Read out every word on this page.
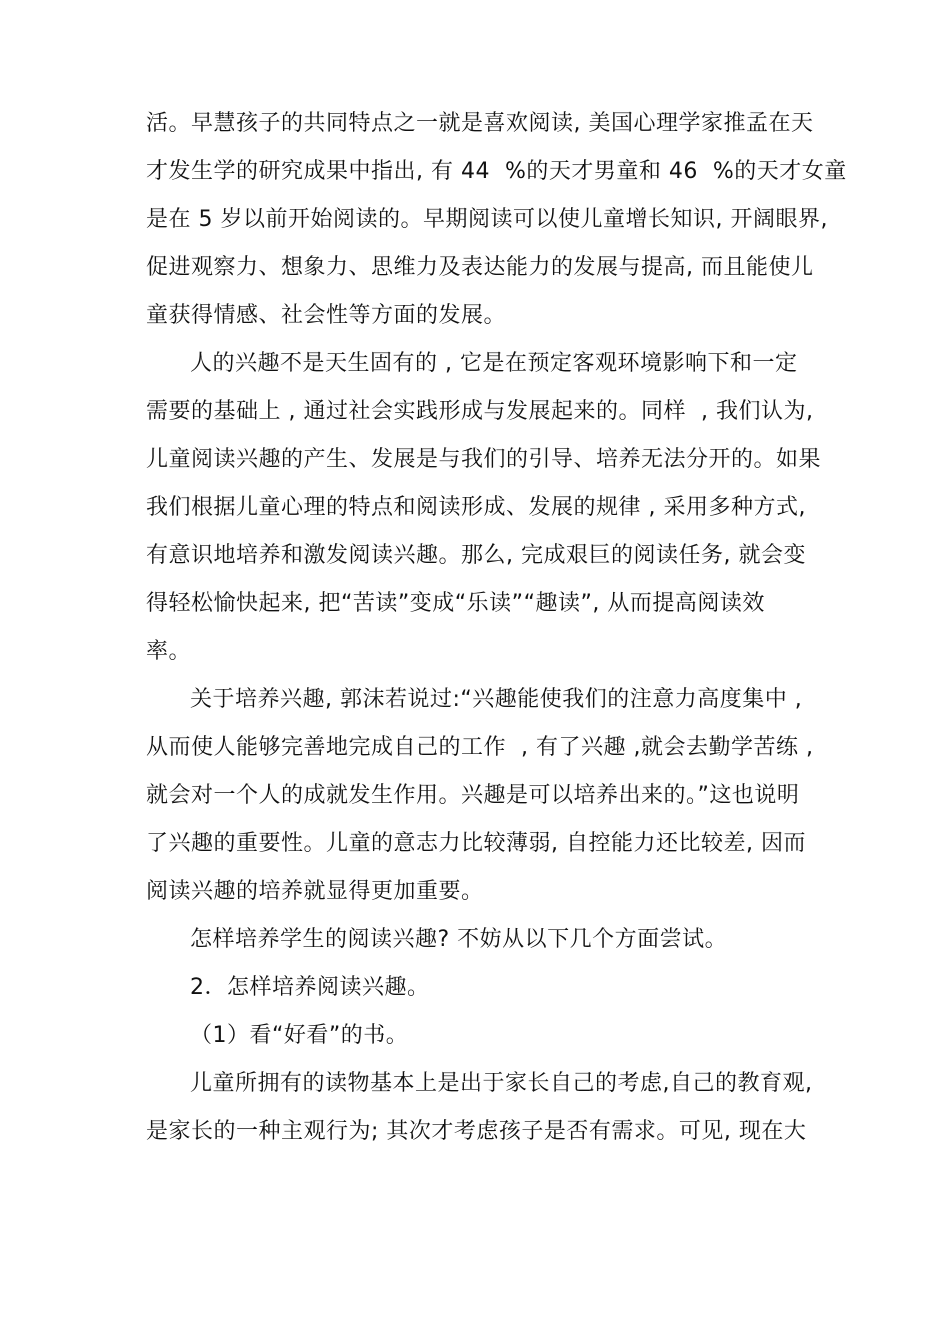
活。早慧孩子的共同特点之一就是喜欢阅读, 美国心理学家推孟在天
才发生学的研究成果中指出, 有 44  %的天才男童和 46  %的天才女童
是在 5 岁以前开始阅读的。早期阅读可以使儿童增长知识, 开阔眼界,
促进观察力、想象力、思维力及表达能力的发展与提高, 而且能使儿
童获得情感、社会性等方面的发展。
人的兴趣不是天生固有的 , 它是在预定客观环境影响下和一定
需要的基础上 , 通过社会实践形成与发展起来的。同样  , 我们认为,
儿童阅读兴趣的产生、发展是与我们的引导、培养无法分开的。如果
我们根据儿童心理的特点和阅读形成、发展的规律 , 采用多种方式,
有意识地培养和激发阅读兴趣。那么, 完成艰巨的阅读任务, 就会变
得轻松愉快起来, 把“苦读”变成“乐读”“趣读”, 从而提高阅读效
率。
关于培养兴趣, 郭沫若说过:“兴趣能使我们的注意力高度集中 ,
从而使人能够完善地完成自己的工作  , 有了兴趣 ,就会去勤学苦练 ,
就会对一个人的成就发生作用。兴趣是可以培养出来的。”这也说明
了兴趣的重要性。儿童的意志力比较薄弱, 自控能力还比较差, 因而
阅读兴趣的培养就显得更加重要。
怎样培养学生的阅读兴趣? 不妨从以下几个方面尝试。
2．怎样培养阅读兴趣。
（1）看“好看”的书。
儿童所拥有的读物基本上是出于家长自己的考虑,自己的教育观,
是家长的一种主观行为; 其次才考虑孩子是否有需求。可见, 现在大
